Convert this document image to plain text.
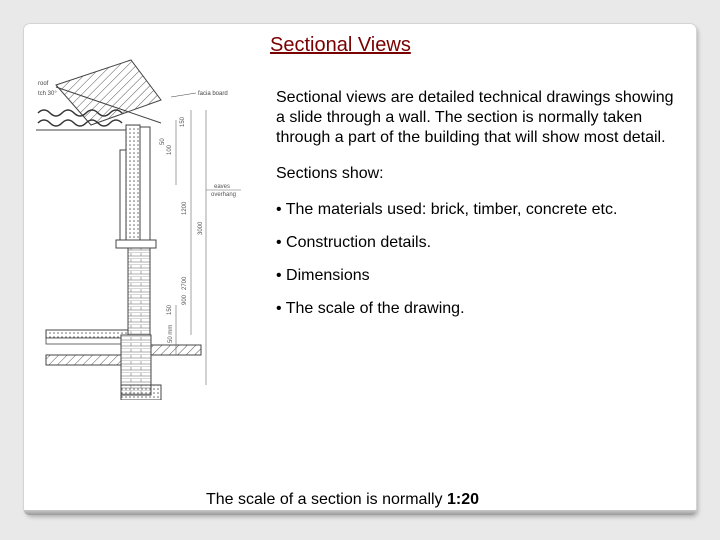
Sectional Views
roof
tch 30°	facia board
150
100
50
1200
3000
900
2700
150
50 mm
eaves
overhang

Sectional views are detailed technical drawings showing a slide through a wall. The section is normally taken through a part of the building that will show most detail.

Sections show:

• The materials used: brick, timber, concrete etc.

• Construction details.

• Dimensions

• The scale of the drawing.

The scale of a section is normally 1:20
